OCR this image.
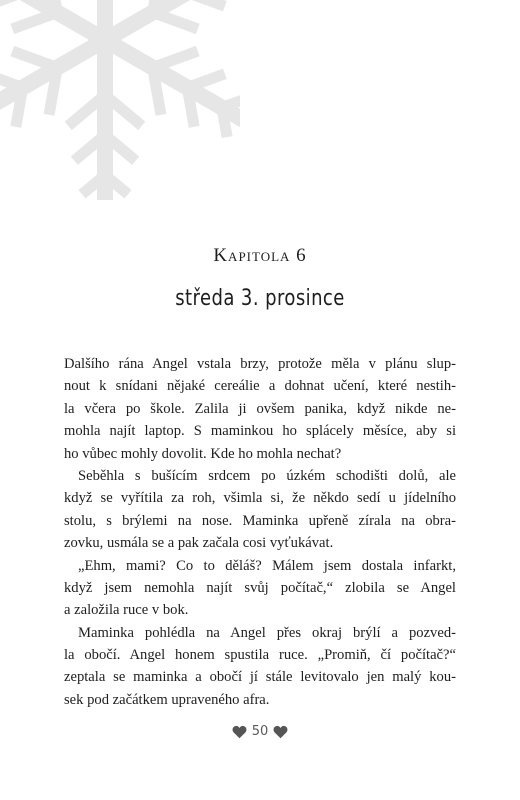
Kapitola 6
středa 3. prosince
Dalšího rána Angel vstala brzy, protože měla v plánu slup-
nout k snídani nějaké cereálie a dohnat učení, které nestih-
la včera po škole. Zalila ji ovšem panika, když nikde ne-
mohla najít laptop. S maminkou ho splácely měsíce, aby si
ho vůbec mohly dovolit. Kde ho mohla nechat?
Seběhla s bušícím srdcem po úzkém schodišti dolů, ale
když se vyřítila za roh, všimla si, že někdo sedí u jídelního
stolu, s brýlemi na nose. Maminka upřeně zírala na obra-
zovku, usmála se a pak začala cosi vyťukávat.
„Ehm, mami? Co to děláš? Málem jsem dostala infarkt,
když jsem nemohla najít svůj počítač,“ zlobila se Angel
a založila ruce v bok.
Maminka pohlédla na Angel přes okraj brýlí a pozved-
la obočí. Angel honem spustila ruce. „Promiň, čí počítač?“
zeptala se maminka a obočí jí stále levitovalo jen malý kou-
sek pod začátkem upraveného afra.
50
